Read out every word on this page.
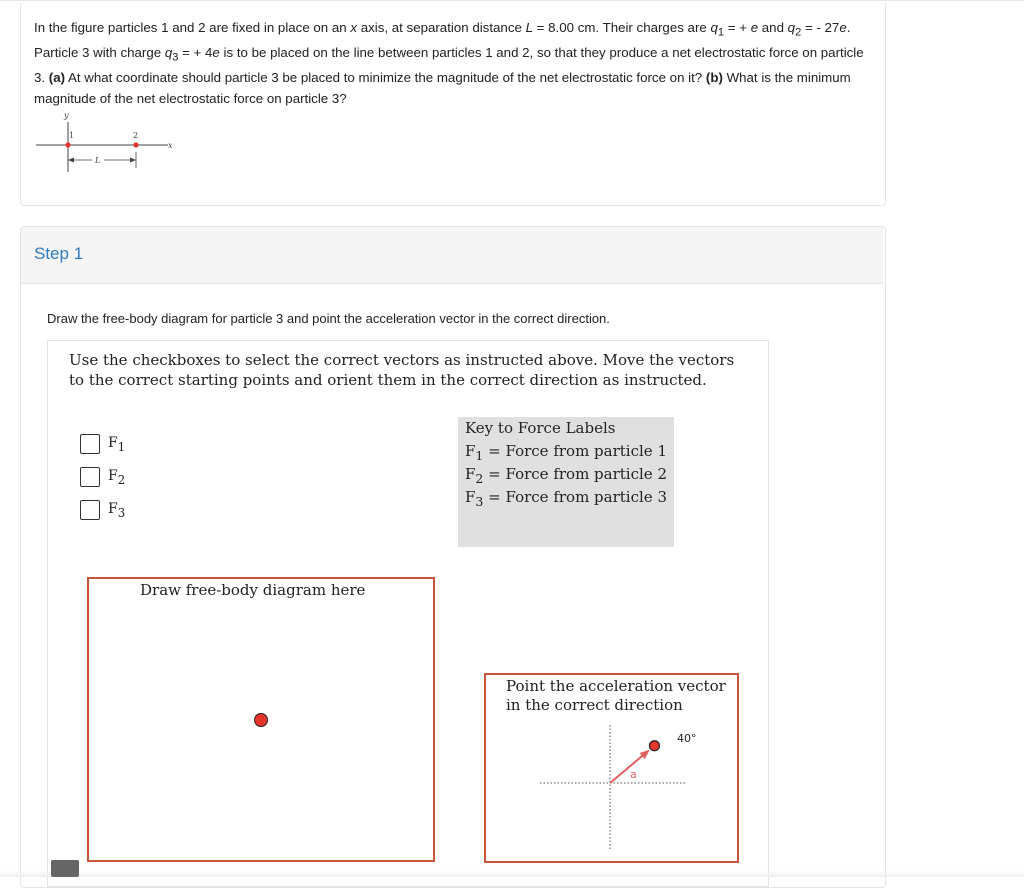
In the figure particles 1 and 2 are fixed in place on an x axis, at separation distance L = 8.00 cm. Their charges are $q_1$ = + e and $q_2$ = - 27e. Particle 3 with charge $q_3$ = + 4e is to be placed on the line between particles 1 and 2, so that they produce a net electrostatic force on particle 3. (a) At what coordinate should particle 3 be placed to minimize the magnitude of the net electrostatic force on it? (b) What is the minimum magnitude of the net electrostatic force on particle 3?
y
x
1	2
L
Step 1
Draw the free-body diagram for particle 3 and point the acceleration vector in the correct direction.
Use the checkboxes to select the correct vectors as instructed above. Move the vectors to the correct starting points and orient them in the correct direction as instructed.
$F_1$
$F_2$
$F_3$
Key to Force Labels
$F_1$ = Force from particle 1
$F_2$ = Force from particle 2
$F_3$ = Force from particle 3
Draw free-body diagram here
Point the acceleration vector in the correct direction
a
40°
